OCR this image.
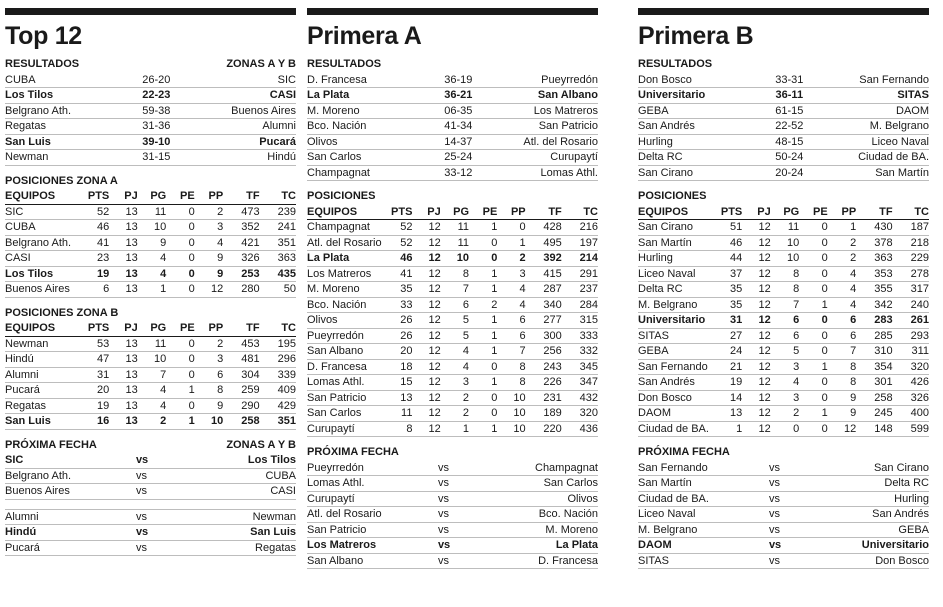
Top 12
RESULTADOS	ZONAS A Y B
CUBA	26-20	SIC
Los Tilos	22-23	CASI
Belgrano Ath.	59-38	Buenos Aires
Regatas	31-36	Alumni
San Luis	39-10	Pucará
Newman	31-15	Hindú
POSICIONES ZONA A
EQUIPOS	PTS	PJ	PG	PE	PP	TF	TC
SIC	52	13	11	0	2	473	239
CUBA	46	13	10	0	3	352	241
Belgrano Ath.	41	13	9	0	4	421	351
CASI	23	13	4	0	9	326	363
Los Tilos	19	13	4	0	9	253	435
Buenos Aires	6	13	1	0	12	280	50
POSICIONES ZONA B
EQUIPOS	PTS	PJ	PG	PE	PP	TF	TC
Newman	53	13	11	0	2	453	195
Hindú	47	13	10	0	3	481	296
Alumni	31	13	7	0	6	304	339
Pucará	20	13	4	1	8	259	409
Regatas	19	13	4	0	9	290	429
San Luis	16	13	2	1	10	258	351
PRÓXIMA FECHA	ZONAS A Y B
SIC	vs	Los Tilos
Belgrano Ath.	vs	CUBA
Buenos Aires	vs	CASI

Alumni	vs	Newman
Hindú	vs	San Luis
Pucará	vs	Regatas
Primera A
RESULTADOS
D. Francesa	36-19	Pueyrredón
La Plata	36-21	San Albano
M. Moreno	06-35	Los Matreros
Bco. Nación	41-34	San Patricio
Olivos	14-37	Atl. del Rosario
San Carlos	25-24	Curupaytí
Champagnat	33-12	Lomas Athl.
POSICIONES
EQUIPOS	PTS	PJ	PG	PE	PP	TF	TC
Champagnat	52	12	11	1	0	428	216
Atl. del Rosario	52	12	11	0	1	495	197
La Plata	46	12	10	0	2	392	214
Los Matreros	41	12	8	1	3	415	291
M. Moreno	35	12	7	1	4	287	237
Bco. Nación	33	12	6	2	4	340	284
Olivos	26	12	5	1	6	277	315
Pueyrredón	26	12	5	1	6	300	333
San Albano	20	12	4	1	7	256	332
D. Francesa	18	12	4	0	8	243	345
Lomas Athl.	15	12	3	1	8	226	347
San Patricio	13	12	2	0	10	231	432
San Carlos	11	12	2	0	10	189	320
Curupaytí	8	12	1	1	10	220	436
PRÓXIMA FECHA
Pueyrredón	vs	Champagnat
Lomas Athl.	vs	San Carlos
Curupaytí	vs	Olivos
Atl. del Rosario	vs	Bco. Nación
San Patricio	vs	M. Moreno
Los Matreros	vs	La Plata
San Albano	vs	D. Francesa
Primera B
RESULTADOS
Don Bosco	33-31	San Fernando
Universitario	36-11	SITAS
GEBA	61-15	DAOM
San Andrés	22-52	M. Belgrano
Hurling	48-15	Liceo Naval
Delta RC	50-24	Ciudad de BA.
San Cirano	20-24	San Martín
POSICIONES
EQUIPOS	PTS	PJ	PG	PE	PP	TF	TC
San Cirano	51	12	11	0	1	430	187
San Martín	46	12	10	0	2	378	218
Hurling	44	12	10	0	2	363	229
Liceo Naval	37	12	8	0	4	353	278
Delta RC	35	12	8	0	4	355	317
M. Belgrano	35	12	7	1	4	342	240
Universitario	31	12	6	0	6	283	261
SITAS	27	12	6	0	6	285	293
GEBA	24	12	5	0	7	310	311
San Fernando	21	12	3	1	8	354	320
San Andrés	19	12	4	0	8	301	426
Don Bosco	14	12	3	0	9	258	326
DAOM	13	12	2	1	9	245	400
Ciudad de BA.	1	12	0	0	12	148	599
PRÓXIMA FECHA
San Fernando	vs	San Cirano
San Martín	vs	Delta RC
Ciudad de BA.	vs	Hurling
Liceo Naval	vs	San Andrés
M. Belgrano	vs	GEBA
DAOM	vs	Universitario
SITAS	vs	Don Bosco
